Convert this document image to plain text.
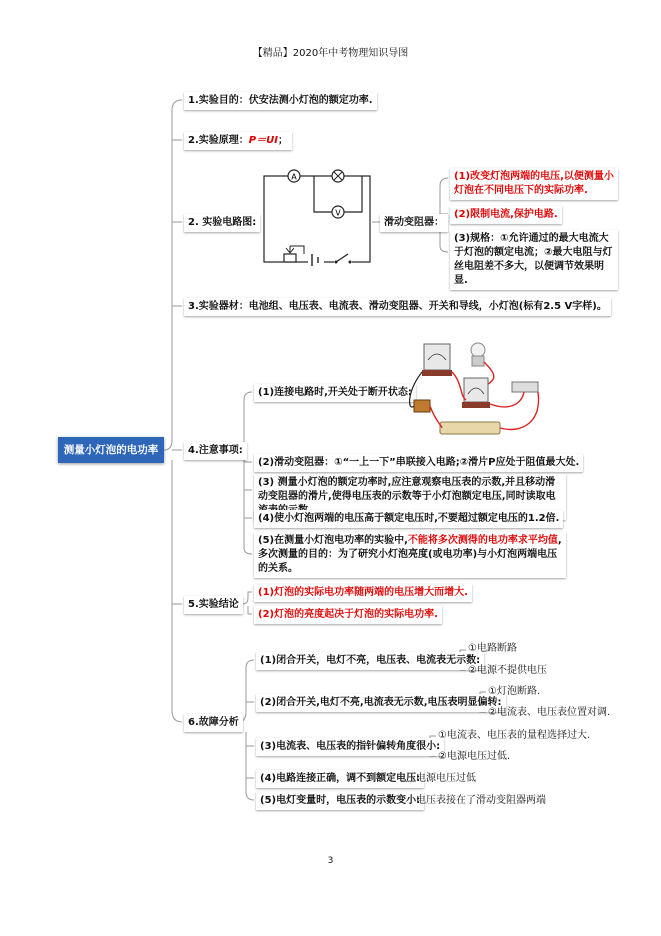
【精品】2020年中考物理知识导图
测量小灯泡的电功率
1.实验目的：伏安法测小灯泡的额定功率.
2.实验原理：P＝UI；
2. 实验电路图:
A
V
滑动变阻器：
(1)改变灯泡两端的电压,以便测量小灯泡在不同电压下的实际功率.
(2)限制电流,保护电路.
(3)规格：①允许通过的最大电流大于灯泡的额定电流；②最大电阻与灯丝电阻差不多大，以便调节效果明显.
3.实验器材：电池组、电压表、电流表、滑动变阻器、开关和导线，小灯泡(标有2.5 V字样)。
4.注意事项:
(1)连接电路时,开关处于断开状态:
(2)滑动变阻器：①“一上一下”串联接入电路;②滑片P应处于阻值最大处.
(3) 测量小灯泡的额定功率时,应注意观察电压表的示数,并且移动滑动变阻器的滑片,使得电压表的示数等于小灯泡额定电压,同时读取电
(4)使小灯泡两端的电压高于额定电压时,不要超过额定电压的1.2倍.
(5)在测量小灯泡电功率的实验中,不能将多次测得的电功率求平均值,多次测量的目的：为了研究小灯泡亮度(或电功率)与小灯泡两端电压的关系。
5.实验结论
(1)灯泡的实际电功率随两端的电压增大而增大.
(2)灯泡的亮度起决于灯泡的实际电功率.
6.故障分析
(1)闭合开关，电灯不亮，电压表、电流表无示数:
①电路断路
②电源不提供电压
(2)闭合开关,电灯不亮,电流表无示数,电压表明显偏转:
①灯泡断路.
②电流表、电压表位置对调.
(3)电流表、电压表的指针偏转角度很小:
①电流表、电压表的量程选择过大.
②电源电压过低.
(4)电路连接正确，调不到额定电压:
电源电压过低
(5)电灯变量时，电压表的示数变小:
电压表接在了滑动变阻器两端
3
